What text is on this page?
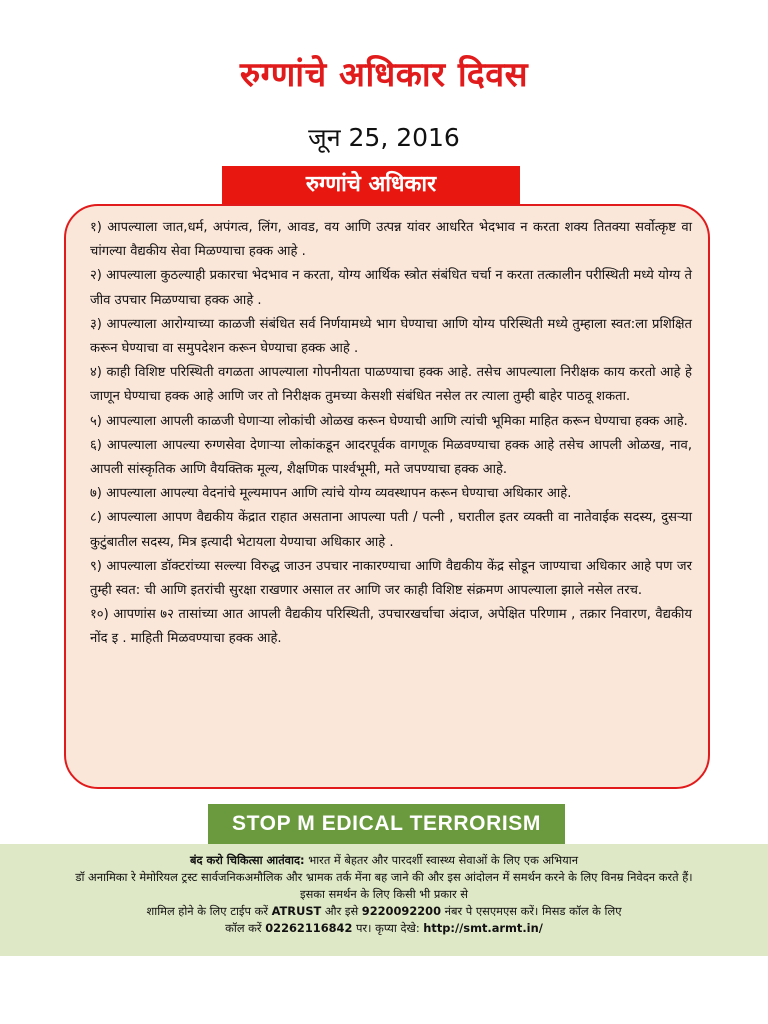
रुग्णांचे अधिकार दिवस
जून 25, 2016
रुग्णांचे अधिकार

१) आपल्याला जात,धर्म, अपंगत्व, लिंग, आवड, वय आणि उत्पन्न यांवर आधरित भेदभाव न करता शक्य तितक्या सर्वोत्कृष्ट वा चांगल्या वैद्यकीय सेवा मिळण्याचा हक्क आहे .

२) आपल्याला कुठल्याही प्रकारचा भेदभाव न करता, योग्य आर्थिक स्त्रोत संबंधित चर्चा न करता तत्कालीन परीस्थिती मध्ये योग्य ते जीव उपचार मिळण्याचा हक्क आहे .

३) आपल्याला आरोग्याच्या काळजी संबंधित सर्व निर्णयामध्ये भाग घेण्याचा आणि योग्य परिस्थिती मध्ये तुम्हाला स्वत:ला प्रशिक्षित करून घेण्याचा वा समुपदेशन करून घेण्याचा हक्क आहे .

४) काही विशिष्ट परिस्थिती वगळता आपल्याला गोपनीयता पाळण्याचा हक्क आहे. तसेच आपल्याला निरीक्षक काय करतो आहे हे जाणून घेण्याचा हक्क आहे आणि जर तो निरीक्षक तुमच्या केसशी संबंधित नसेल तर त्याला तुम्ही बाहेर पाठवू शकता.

५) आपल्याला आपली काळजी घेणाऱ्या लोकांची ओळख करून घेण्याची आणि त्यांची भूमिका माहित करून घेण्याचा हक्क आहे.

६) आपल्याला आपल्या रुग्णसेवा देणाऱ्या लोकांकडून आदरपूर्वक वागणूक मिळवण्याचा हक्क आहे तसेच आपली ओळख, नाव, आपली सांस्कृतिक आणि वैयक्तिक मूल्य, शैक्षणिक पार्श्वभूमी, मते जपण्याचा हक्क आहे.

७) आपल्याला आपल्या वेदनांचे मूल्यमापन आणि त्यांचे योग्य व्यवस्थापन करून घेण्याचा अधिकार आहे.

८) आपल्याला आपण वैद्यकीय केंद्रात राहात असताना आपल्या पती / पत्नी , घरातील इतर व्यक्ती वा नातेवाईक सदस्य, दुसऱ्या कुटुंबातील सदस्य, मित्र इत्यादी भेटायला येण्याचा अधिकार आहे .

९) आपल्याला डॉक्टरांच्या सल्ल्या विरुद्ध जाउन उपचार नाकारण्याचा आणि वैद्यकीय केंद्र सोडून जाण्याचा अधिकार आहे पण जर तुम्ही स्वत: ची आणि इतरांची सुरक्षा राखणार असाल तर आणि जर काही विशिष्ट संक्रमण आपल्याला झाले नसेल तरच.

१०) आपणांस ७२ तासांच्या आत आपली वैद्यकीय परिस्थिती, उपचारखर्चाचा अंदाज, अपेक्षित परिणाम , तक्रार निवारण, वैद्यकीय नोंद इ . माहिती मिळवण्याचा हक्क आहे.

STOP M EDICAL TERRORISM
बंद करो चिकित्सा आतंवाद: भारत में बेहतर और पारदर्शी स्वास्थ्य सेवाओं के लिए एक अभियान
डॉ अनामिका रे मेमोरियल ट्रस्ट सार्वजनिकअमौलिक और भ्रामक तर्क मेंना बह जाने की और इस आंदोलन में समर्थन करने के लिए विनम्र निवेदन करते हैं। इसका समर्थन के लिए किसी भी प्रकार से
शामिल होने के लिए टाईप करें ATRUST और इसे 9220092200 नंबर पे एसएमएस करें। मिसड कॉल के लिए
कॉल करें 02262116842 पर। कृप्या देखे: http://smt.armt.in/
